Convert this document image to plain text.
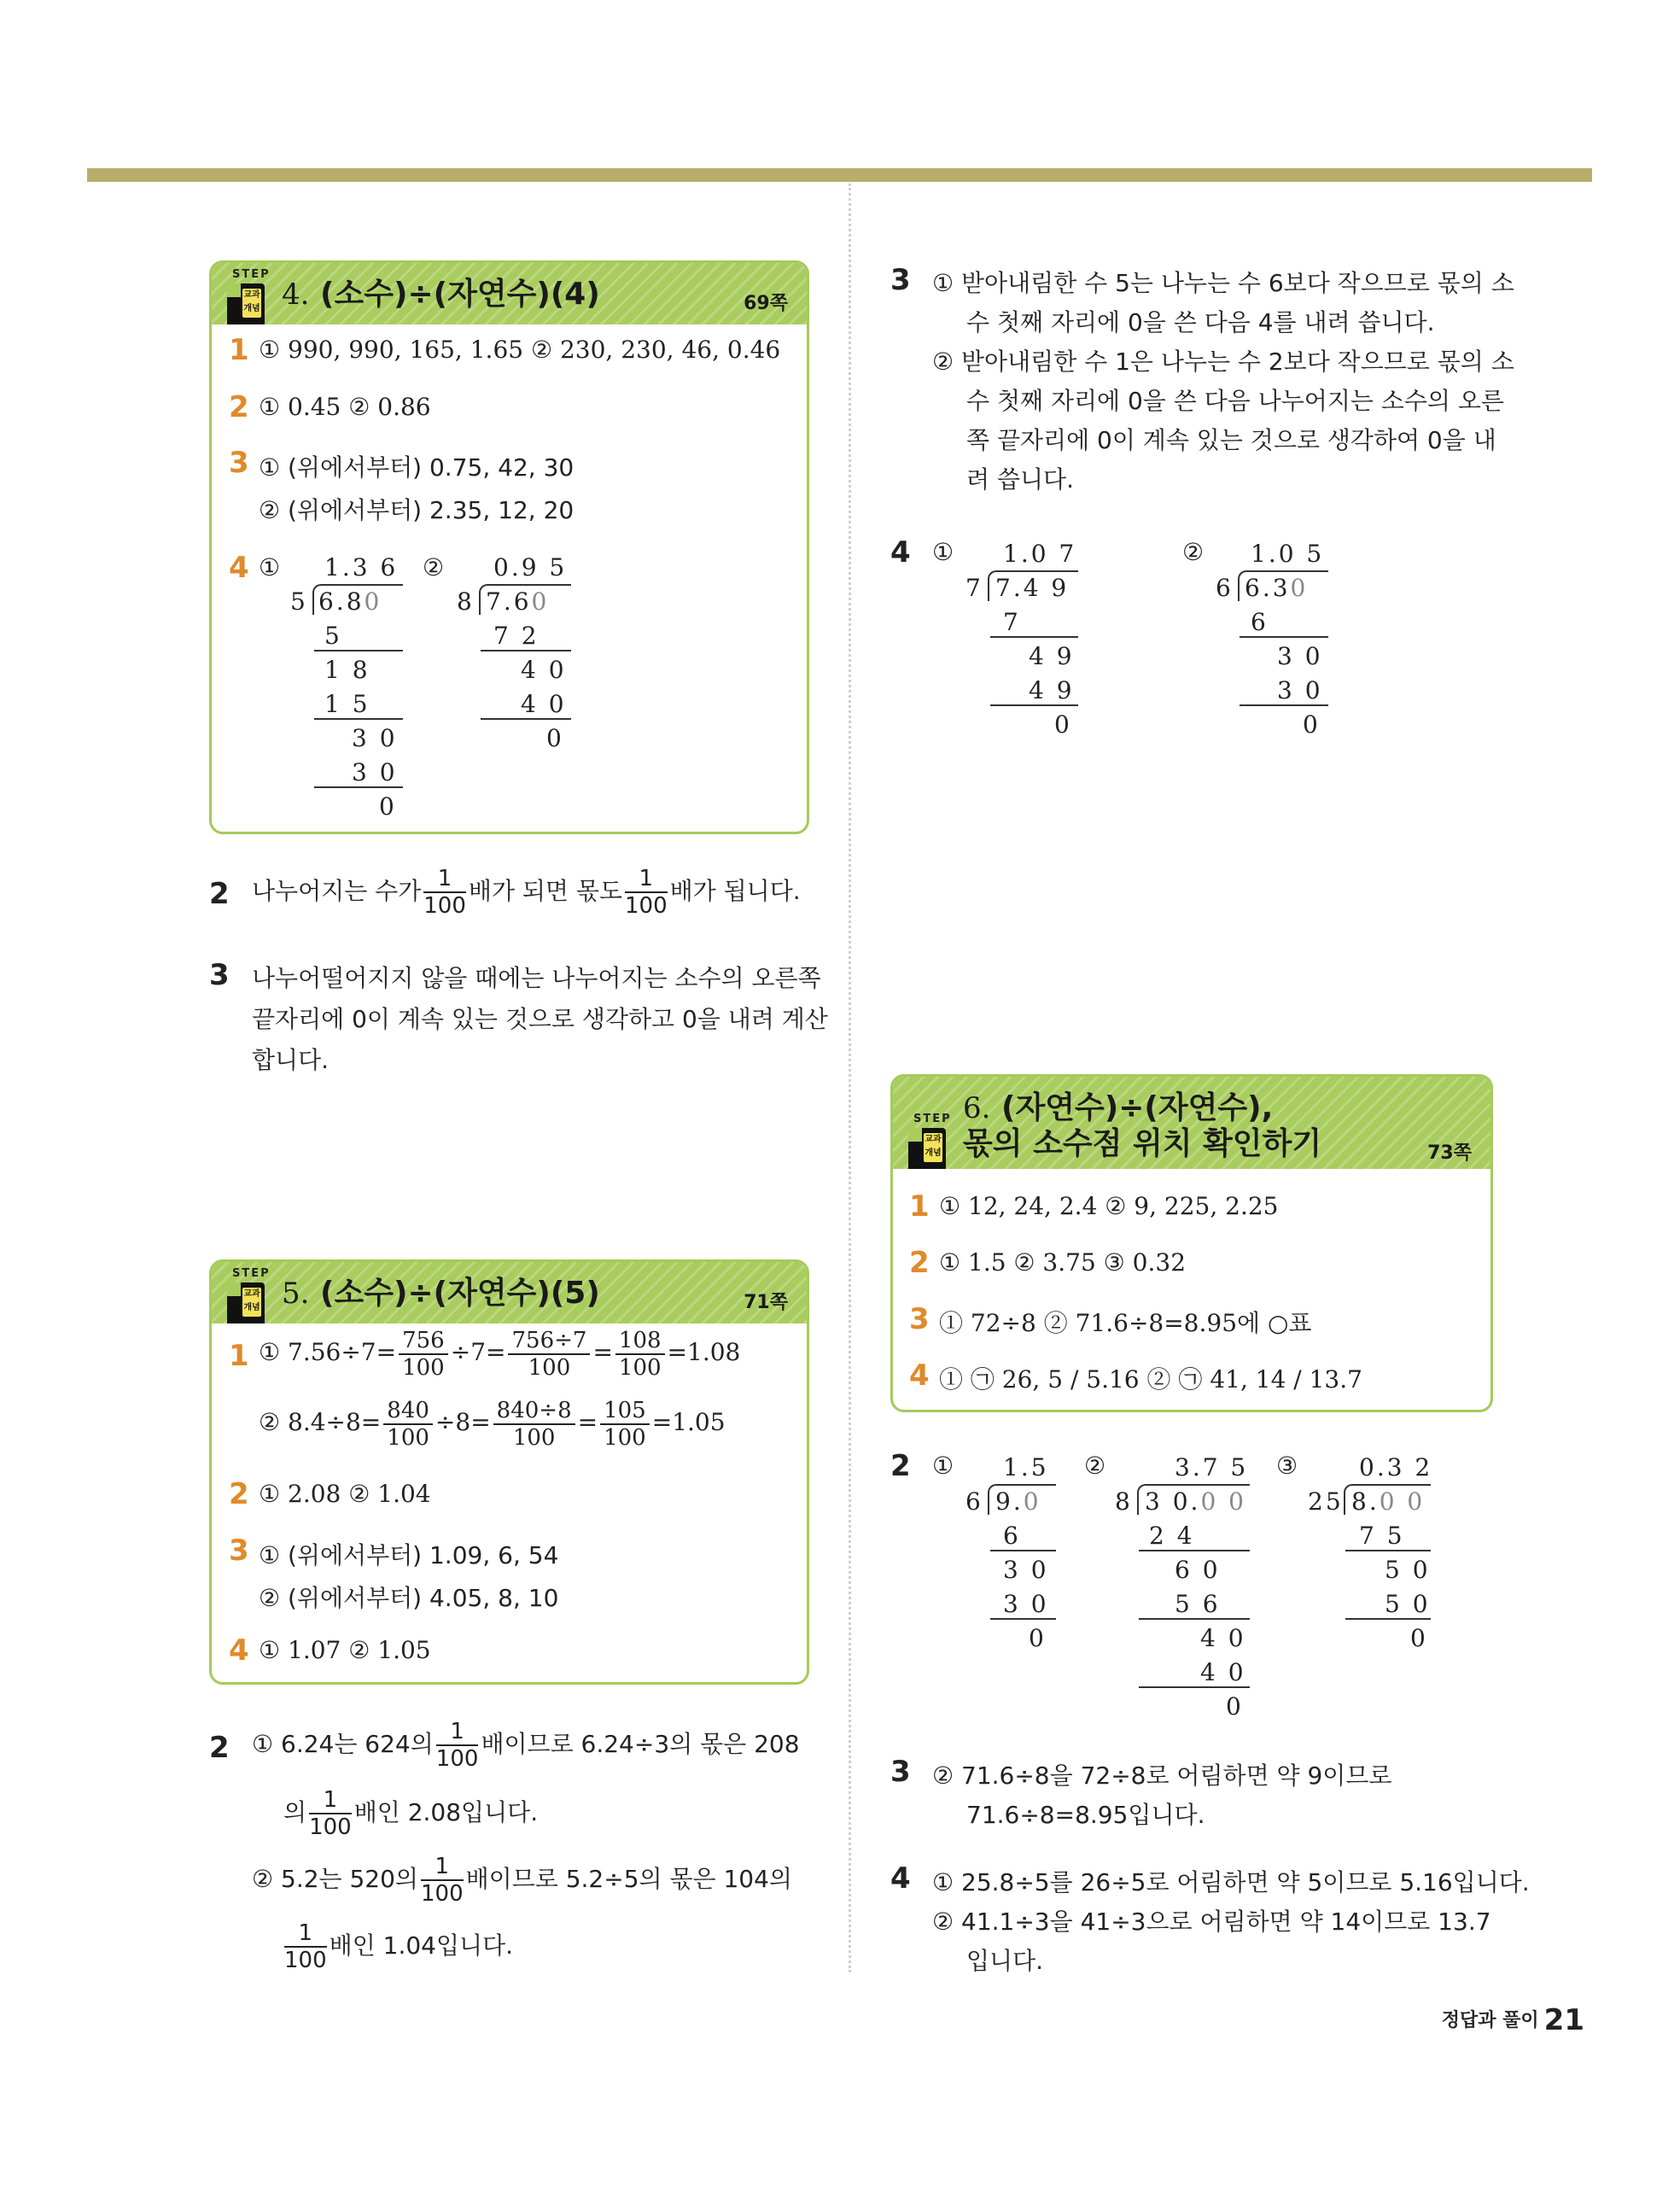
STEP
교과개념 4. (소수)÷(자연수)(4)	69쪽
1 ① 990, 990, 165, 1.65 ② 230, 230, 46, 0.46
2 ① 0.45 ② 0.86
3 ① (위에서부터) 0.75, 42, 30
② (위에서부터) 2.35, 12, 20
4 ①	②
1.3 6
5 6.80
5
1 8
1 5
3 0
3 0
0
0.9 5
8 7.60
7 2
4 0
4 0
0
2 나누어지는 수가 $\frac{1}{100}$ 배가 되면 몫도 $\frac{1}{100}$ 배가 됩니다.
3 나누어떨어지지 않을 때에는 나누어지는 소수의 오른쪽
끝자리에 0이 계속 있는 것으로 생각하고 0을 내려 계산
합니다.
STEP
교과개념 5. (소수)÷(자연수)(5)	71쪽
1 ① $7.56\div 7= \frac{756}{100} \div 7= \frac{756\div 7}{100} = \frac{108}{100} =1.08$
② $8.4\div 8= \frac{840}{100} \div 8= \frac{840\div 8}{100} = \frac{105}{100} =1.05$
2 ① 2.08 ② 1.04
3 ① (위에서부터) 1.09, 6, 54
② (위에서부터) 4.05, 8, 10
4 ① 1.07 ② 1.05
2 ① 6.24는 624의 $\frac{1}{100}$ 배이므로 6.24÷3의 몫은 208
의 $\frac{1}{100}$ 배인 2.08입니다.
② 5.2는 520의 $\frac{1}{100}$ 배이므로 5.2÷5의 몫은 104의
$\frac{1}{100}$ 배인 1.04입니다.
3 ① 받아내림한 수 5는 나누는 수 6보다 작으므로 몫의 소
수 첫째 자리에 0을 쓴 다음 4를 내려 씁니다.
② 받아내림한 수 1은 나누는 수 2보다 작으므로 몫의 소
수 첫째 자리에 0을 쓴 다음 나누어지는 소수의 오른
쪽 끝자리에 0이 계속 있는 것으로 생각하여 0을 내
려 씁니다.
4 ①	②
1.0 7
7 7.4 9
7
4 9
4 9
0
1.0 5
6 6.30
6
3 0
3 0
0
STEP
교과개념
6. (자연수)÷(자연수),
몫의 소수점 위치 확인하기	73쪽
1 ① 12, 24, 2.4 ② 9, 225, 2.25
2 ① 1.5 ② 3.75 ③ 0.32
3 ① 72÷8 ② 71.6÷8=8.95에 ○표
4 ① ㉠ 26, 5 / 5.16 ② ㉠ 41, 14 / 13.7
2 ①	②	③
1.5
6 9.0
6
3 0
3 0
0
3.7 5
8 3 0.0 0
2 4
6 0
5 6
4 0
4 0
0
0.3 2
25 8.0 0
7 5
5 0
5 0
0
3 ② 71.6÷8을 72÷8로 어림하면 약 9이므로
71.6÷8=8.95입니다.
4 ① 25.8÷5를 26÷5로 어림하면 약 5이므로 5.16입니다.
② 41.1÷3을 41÷3으로 어림하면 약 14이므로 13.7
입니다.
정답과 풀이 21
